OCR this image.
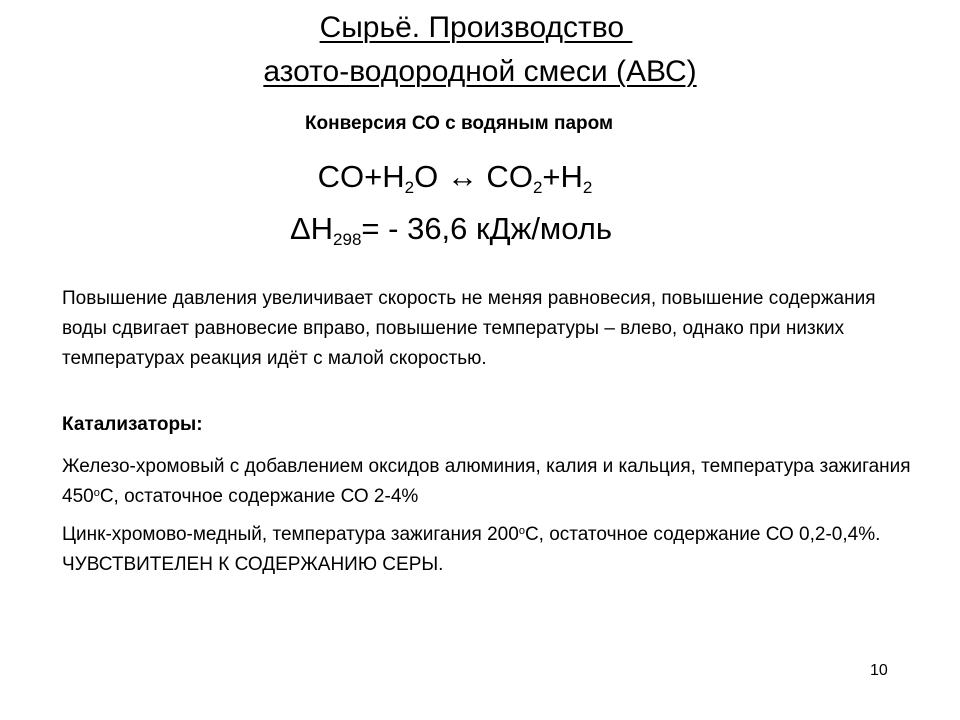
Сырьё. Производство
азото-водородной смеси (АВС)
Конверсия СО с водяным паром
$CO+H_2O$ ↔ $CO_2+H_2$
$\Delta H_{298}= - 36,6$ кДж/моль
Повышение давления увеличивает скорость не меняя равновесия, повышение содержания воды сдвигает равновесие вправо, повышение температуры – влево, однако при низких температурах реакция идёт с малой скоростью.
Катализаторы:
Железо-хромовый с добавлением оксидов алюминия, калия и кальция, температура зажигания $450^оС$, остаточное содержание СО 2-4%
Цинк-хромово-медный, температура зажигания $200^оС$, остаточное содержание СО 0,2-0,4%. ЧУВСТВИТЕЛЕН К СОДЕРЖАНИЮ СЕРЫ.
10
